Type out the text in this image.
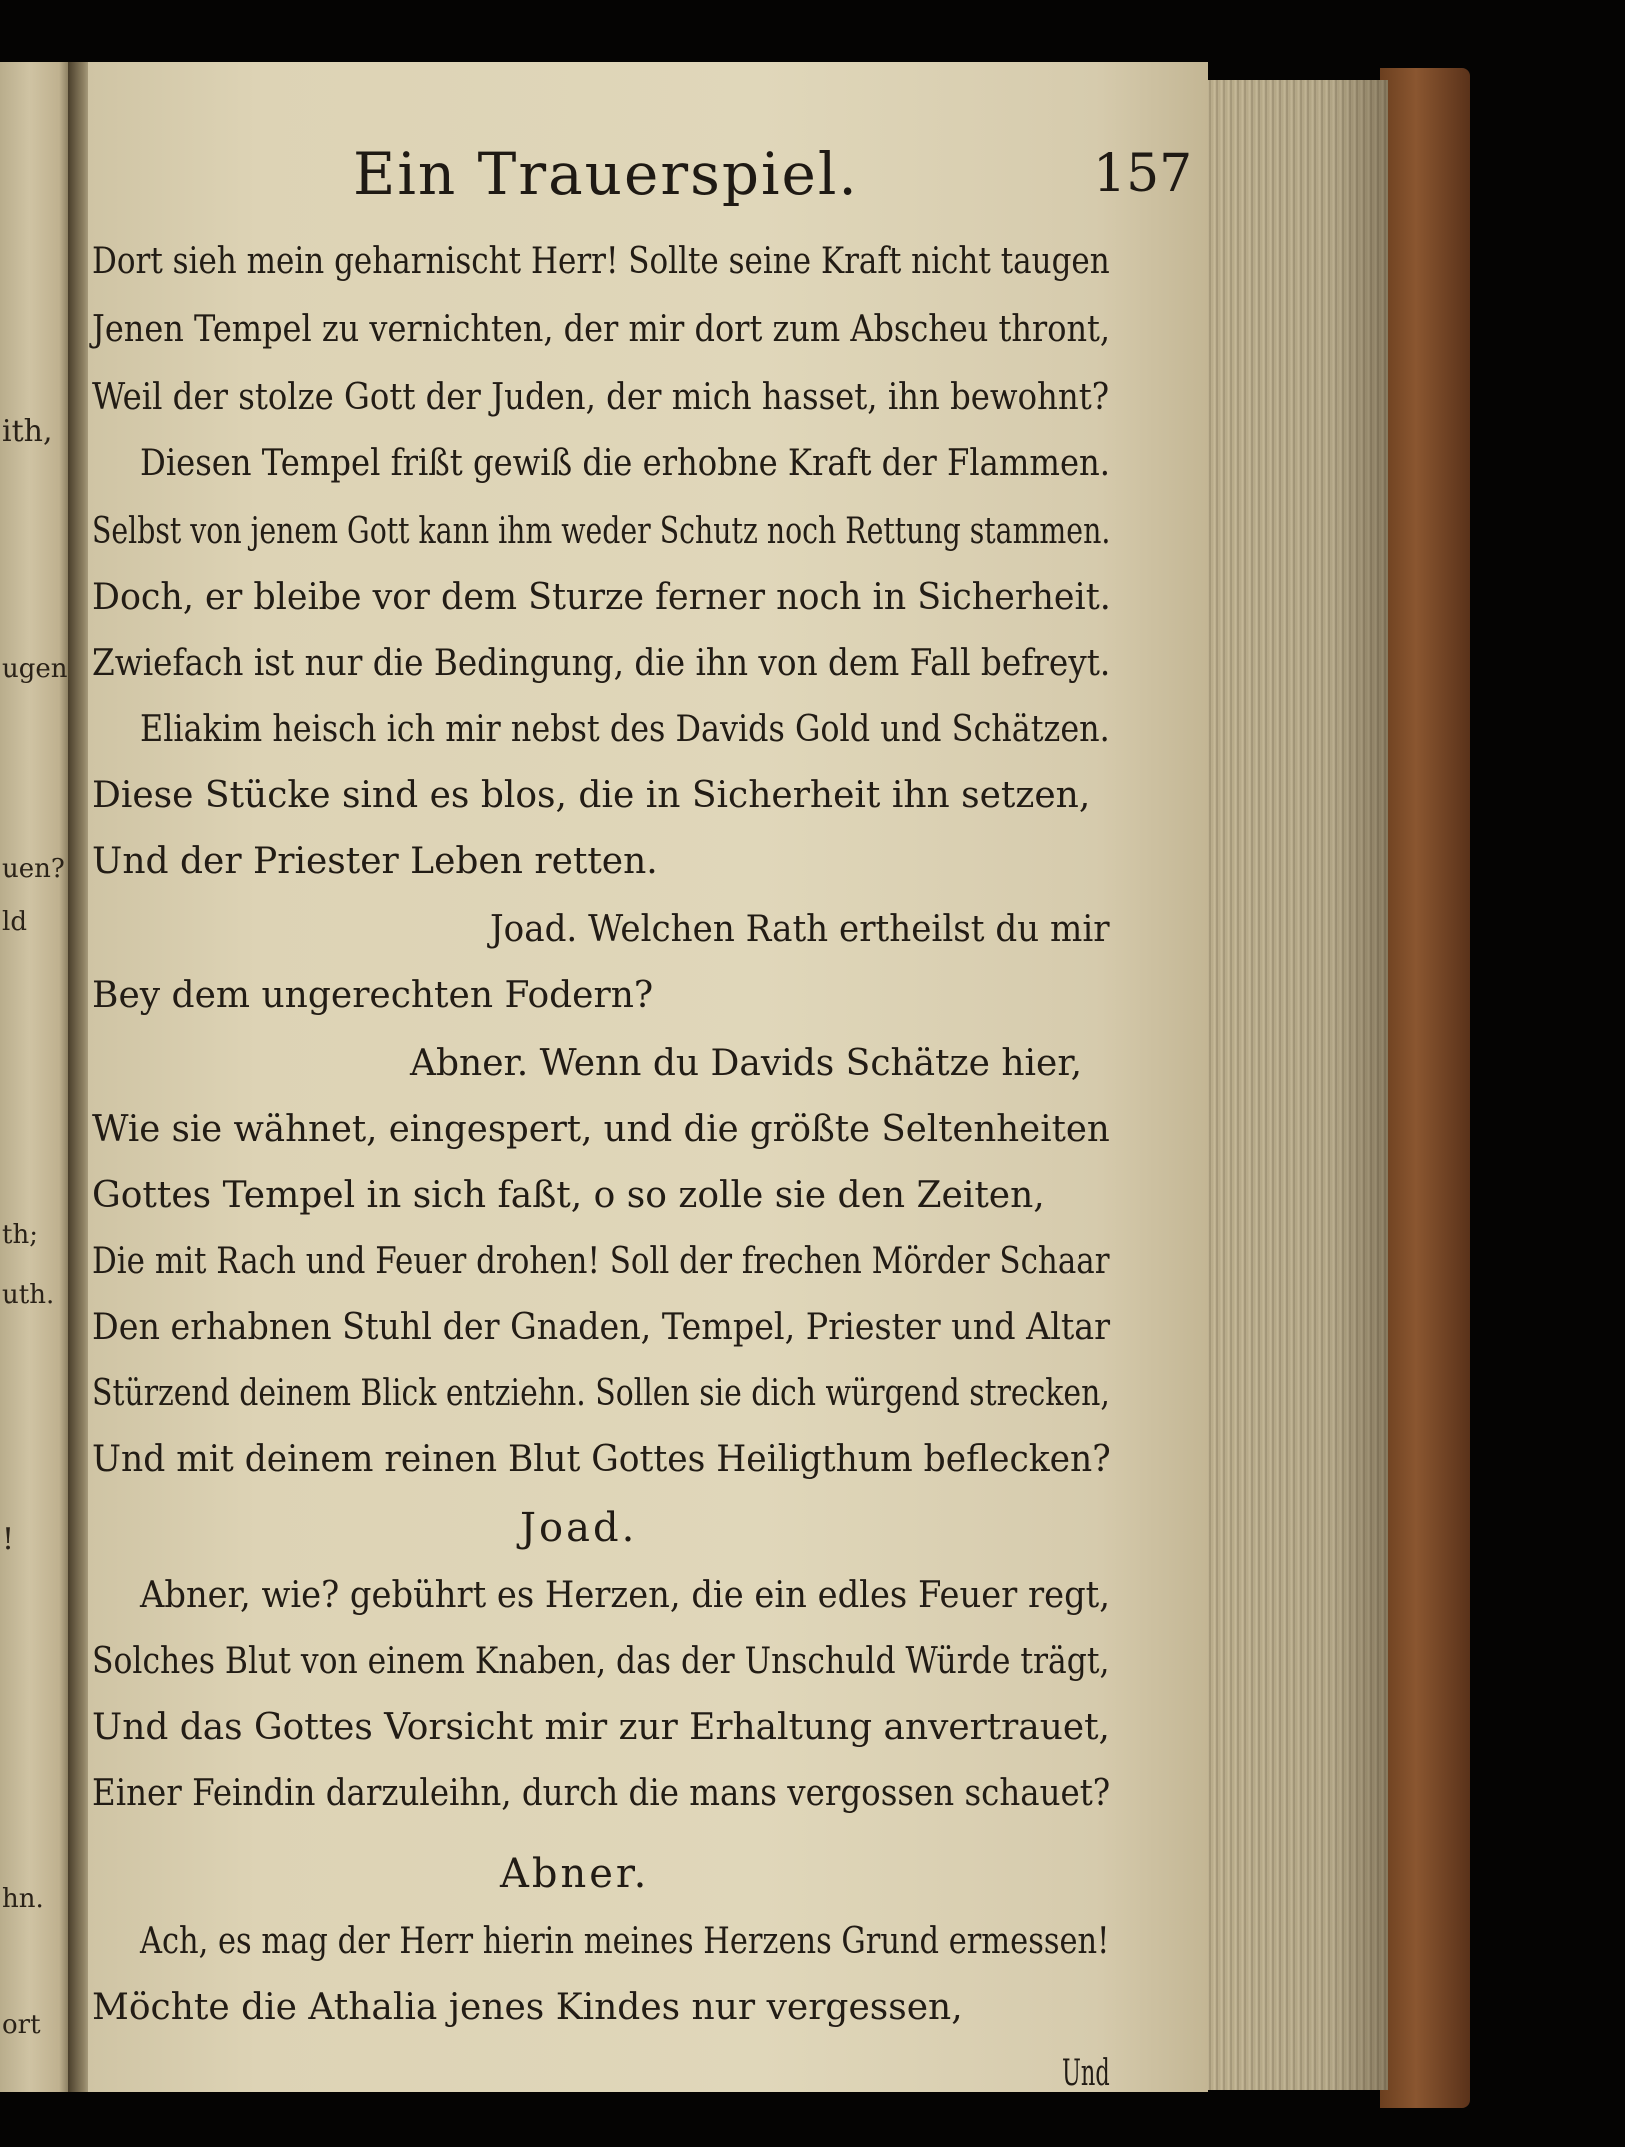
ith,
ugen
uen?
ld
th;
uth.
!
hn.
ort
Ein Trauerspiel.	157
Dort sieh mein geharnischt Herr! Sollte seine Kraft nicht taugen
Jenen Tempel zu vernichten, der mir dort zum Abscheu thront,
Weil der stolze Gott der Juden, der mich hasset, ihn bewohnt?
Diesen Tempel frißt gewiß die erhobne Kraft der Flammen.
Selbst von jenem Gott kann ihm weder Schutz noch Rettung stammen.
Doch, er bleibe vor dem Sturze ferner noch in Sicherheit.
Zwiefach ist nur die Bedingung, die ihn von dem Fall befreyt.
Eliakim heisch ich mir nebst des Davids Gold und Schätzen.
Diese Stücke sind es blos, die in Sicherheit ihn setzen,
Und der Priester Leben retten.
Joad. Welchen Rath ertheilst du mir
Bey dem ungerechten Fodern?
Abner. Wenn du Davids Schätze hier,
Wie sie wähnet, eingespert, und die größte Seltenheiten
Gottes Tempel in sich faßt, o so zolle sie den Zeiten,
Die mit Rach und Feuer drohen! Soll der frechen Mörder Schaar
Den erhabnen Stuhl der Gnaden, Tempel, Priester und Altar
Stürzend deinem Blick entziehn. Sollen sie dich würgend strecken,
Und mit deinem reinen Blut Gottes Heiligthum beflecken?
Joad.
Abner, wie? gebührt es Herzen, die ein edles Feuer regt,
Solches Blut von einem Knaben, das der Unschuld Würde trägt,
Und das Gottes Vorsicht mir zur Erhaltung anvertrauet,
Einer Feindin darzuleihn, durch die mans vergossen schauet?
Abner.
Ach, es mag der Herr hierin meines Herzens Grund ermessen!
Möchte die Athalia jenes Kindes nur vergessen,
Und
